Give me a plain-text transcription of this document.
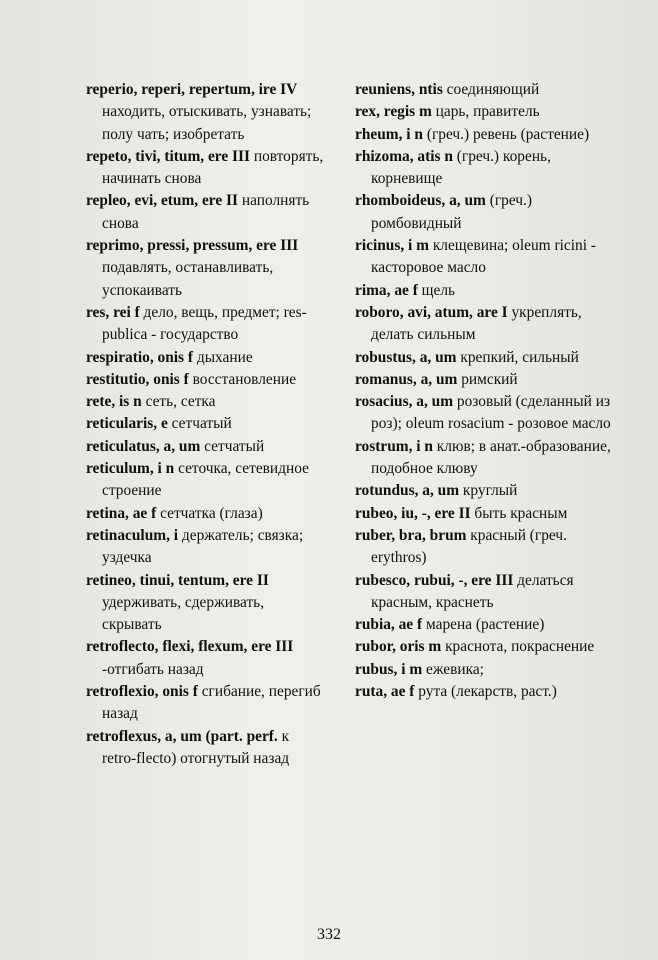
reperio, reperi, repertum, ire IV находить, отыскивать, узнавать; полу чать; изобретать
repeto, tivi, titum, ere III повторять, начинать снова
repleo, evi, etum, ere II наполнять снова
reprimo, pressi, pressum, ere III подавлять, останавливать, успокаивать
res, rei f дело, вещь, предмет; res-publica - государство
respiratio, onis f дыхание
restitutio, onis f восстановление
rete, is n сеть, сетка
reticularis, e сетчатый
reticulatus, a, um сетчатый
reticulum, i n сеточка, сетевидное строение
retina, ae f сетчатка (глаза)
retinaculum, i держатель; связка; уздечка
retineo, tinui, tentum, ere II удерживать, сдерживать, скрывать
retroflecto, flexi, flexum, ere III -отгибать назад
retroflexio, onis f сгибание, перегиб назад
retroflexus, a, um (part. perf. к retro-flecto) отогнутый назад
reuniens, ntis соединяющий
rex, regis m царь, правитель
rheum, i n (греч.) ревень (растение)
rhizoma, atis n (греч.) корень, корневище
rhomboideus, a, um (греч.) ромбовидный
ricinus, i m клещевина; oleum ricini - касторовое масло
rima, ae f щель
roboro, avi, atum, are I укреплять, делать сильным
robustus, a, um крепкий, сильный
romanus, a, um римский
rosacius, a, um розовый (сделанный из роз); oleum rosacium - розовое масло
rostrum, i n клюв; в анат.-образование, подобное клюву
rotundus, a, um круглый
rubeo, iu, -, ere II быть красным
ruber, bra, brum красный (греч. erythros)
rubesco, rubui, -, ere III делаться красным, краснеть
rubia, ae f марена (растение)
rubor, oris m краснота, покраснение
rubus, i m ежевика;
ruta, ae f рута (лекарств, раст.)
332
